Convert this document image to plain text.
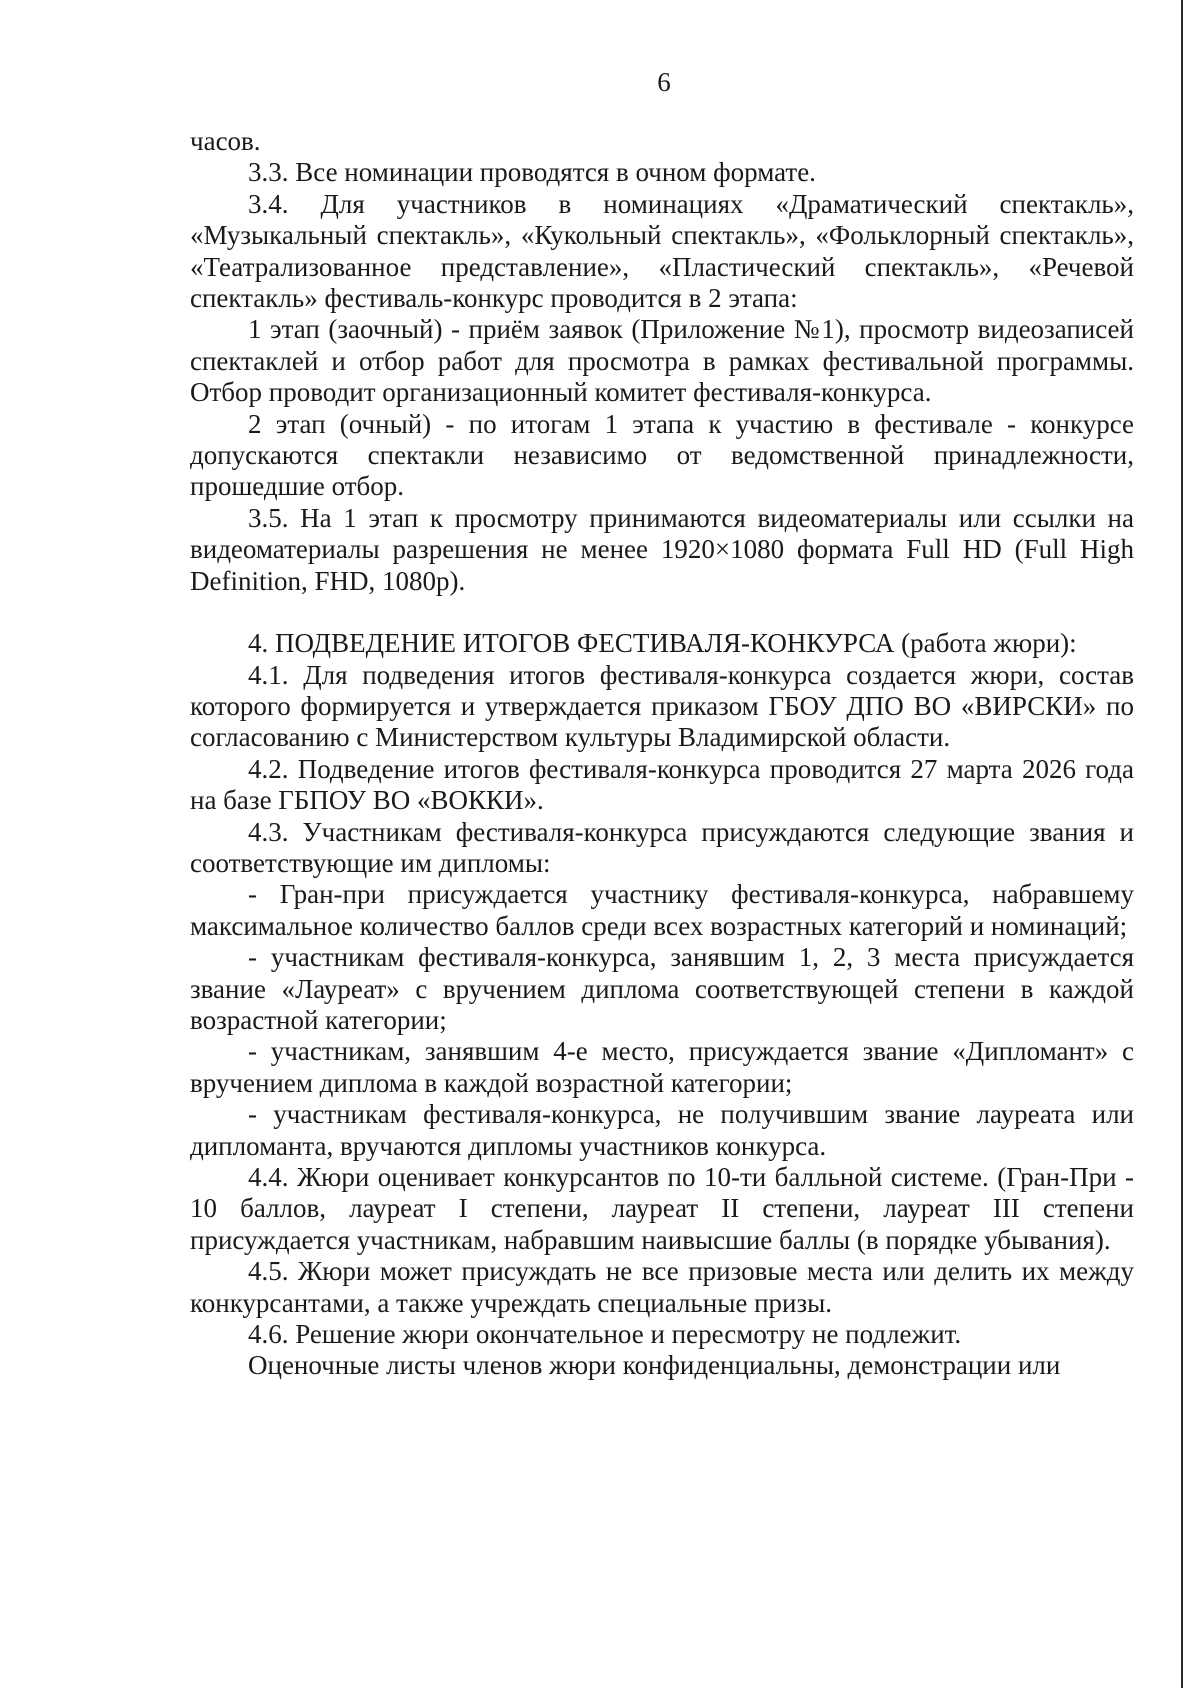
6

часов.

3.3. Все номинации проводятся в очном формате.

3.4. Для участников в номинациях «Драматический спектакль», «Музыкальный спектакль», «Кукольный спектакль», «Фольклорный спектакль», «Театрализованное представление», «Пластический спектакль», «Речевой спектакль» фестиваль-конкурс проводится в 2 этапа:

1 этап (заочный) - приём заявок (Приложение №1), просмотр видеозаписей спектаклей и отбор работ для просмотра в рамках фестивальной программы. Отбор проводит организационный комитет фестиваля-конкурса.

2 этап (очный) - по итогам 1 этапа к участию в фестивале - конкурсе допускаются спектакли независимо от ведомственной принадлежности, прошедшие отбор.

3.5. На 1 этап к просмотру принимаются видеоматериалы или ссылки на видеоматериалы разрешения не менее 1920×1080 формата Full HD (Full High Definition, FHD, 1080p).

4. ПОДВЕДЕНИЕ ИТОГОВ ФЕСТИВАЛЯ-КОНКУРСА (работа жюри):

4.1. Для подведения итогов фестиваля-конкурса создается жюри, состав которого формируется и утверждается приказом ГБОУ ДПО ВО «ВИРСКИ» по согласованию с Министерством культуры Владимирской области.

4.2. Подведение итогов фестиваля-конкурса проводится 27 марта 2026 года на базе ГБПОУ ВО «ВОККИ».

4.3. Участникам фестиваля-конкурса присуждаются следующие звания и соответствующие им дипломы:

- Гран-при присуждается участнику фестиваля-конкурса, набравшему максимальное количество баллов среди всех возрастных категорий и номинаций;

- участникам фестиваля-конкурса, занявшим 1, 2, 3 места присуждается звание «Лауреат» с вручением диплома соответствующей степени в каждой возрастной категории;

- участникам, занявшим 4-е место, присуждается звание «Дипломант» с вручением диплома в каждой возрастной категории;

- участникам фестиваля-конкурса, не получившим звание лауреата или дипломанта, вручаются дипломы участников конкурса.

4.4. Жюри оценивает конкурсантов по 10-ти балльной системе. (Гран-При - 10 баллов, лауреат I степени, лауреат II степени, лауреат III степени присуждается участникам, набравшим наивысшие баллы (в порядке убывания).

4.5. Жюри может присуждать не все призовые места или делить их между конкурсантами, а также учреждать специальные призы.

4.6. Решение жюри окончательное и пересмотру не подлежит.

Оценочные листы членов жюри конфиденциальны, демонстрации или
